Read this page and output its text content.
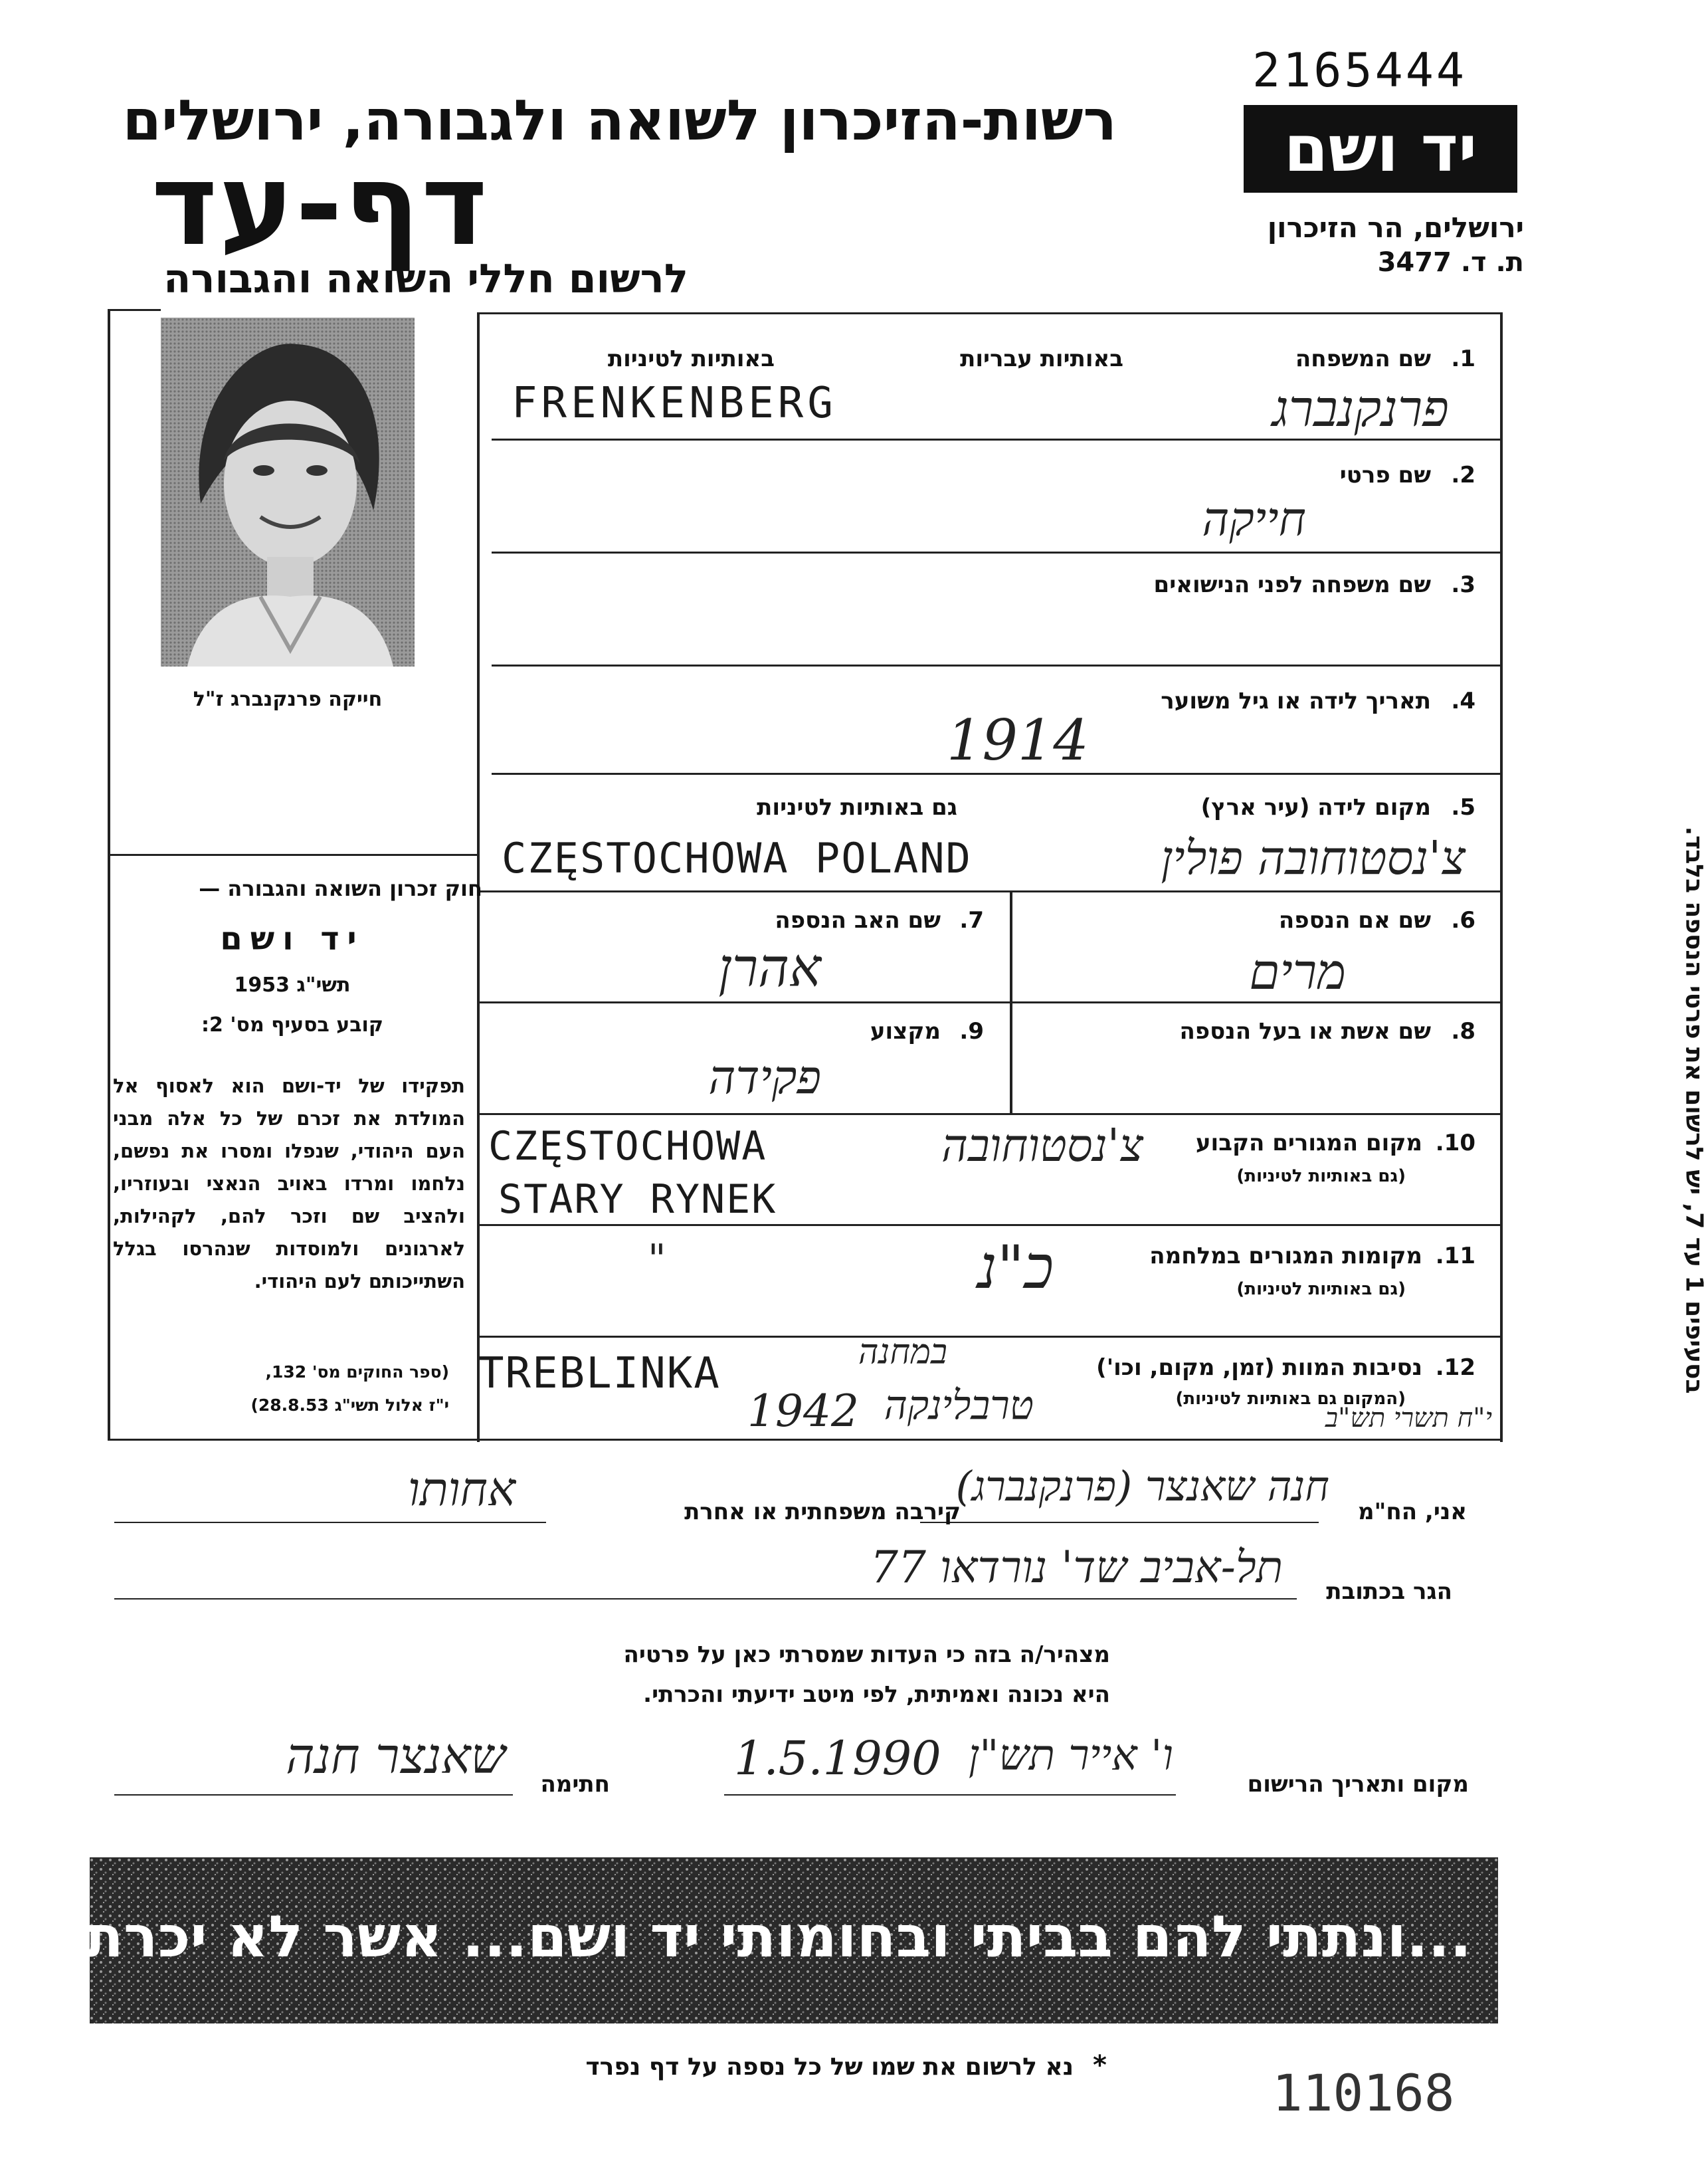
2165444
רשות-הזיכרון לשואה ולגבורה, ירושלים
דף-עד
לרשום חללי השואה והגבורה
יד ושם
ירושלים, הר הזיכרון
ת. ד. 3477
חייקה פרנקנברג ז"ל
חוק זכרון השואה והגבורה —
יד ושם
תשי"ג 1953
קובע בסעיף מס' 2:
תפקידו של יד-ושם הוא לאסוף אל המולדת את זכרם של כל אלה מבני העם היהודי, שנפלו ומסרו את נפשם, נלחמו ומרדו באויב הנאצי ובעוזריו, ולהציב שם וזכר להם, לקהילות, לארגונים ולמוסדות שנהרסו בגלל השתייכותם לעם היהודי.
(ספר החוקים מס' 132,
י"ז אלול תשי"ג 28.8.53)
בסעיפים 1 עד 7, יש לרשום את פרטי הנספה בלבד.
1.
שם המשפחה
באותיות עבריות
באותיות לטיניות
FRENKENBERG	פרנקנברג
2.
שם פרטי
חייקה
3.
שם משפחה לפני הנישואים
4.
תאריך לידה או גיל משוער
1914
5.
מקום לידה (עיר ארץ)
גם באותיות לטיניות
CZĘSTOCHOWA POLAND	צ'נסטוחובה פולין
6.
שם אם הנספה
מרים
7.
שם האב הנספה
אהרן
8.
שם אשת או בעל הנספה
9.
מקצוע
פקידה
10.
מקום המגורים הקבוע
(גם באותיות לטיניות)
CZĘSTOCHOWA
STARY RYNEK
צ'נסטוחובה
11.
מקומות המגורים במלחמה
(גם באותיות לטיניות)
כ"נ
"
12.
נסיבות המוות (זמן, מקום, וכו')
(המקום גם באותיות לטיניות)
TREBLINKA
1942
במחנה
טרבלינקה	י"ח תשרי תש"ב
אני, הח"מ
חנה שאנצר (פרנקנברג)
קירבה משפחתית או אחרת
אחותו
הגר בכתובת
תל-אביב שד' נורדאו 77
מצהיר/ה בזה כי העדות שמסרתי כאן על פרטיה
היא נכונה ואמיתית, לפי מיטב ידיעתי והכרתי.
מקום ותאריך הרישום
ו' אייר תש"ן
1.5.1990
חתימה
שאנצר חנה
...ונתתי להם בביתי ובחומותי יד ושם... אשר לא יכרת
*
נא לרשום את שמו של כל נספה על דף נפרד	110168
